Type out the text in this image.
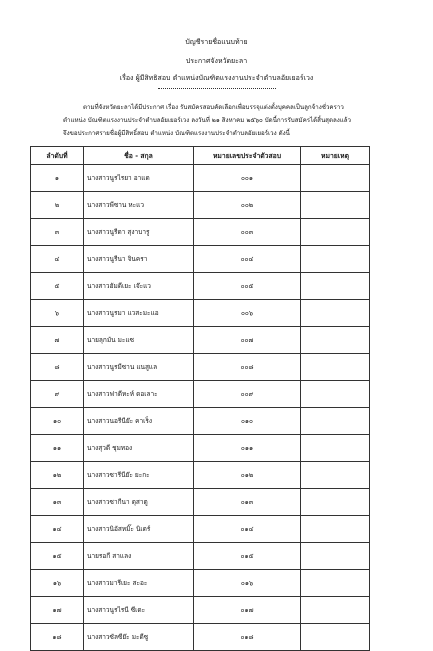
บัญชีรายชื่อแนบท้าย
ประกาศจังหวัดยะลา
เรื่อง ผู้มีสิทธิสอบ ตำแหน่งบัณฑิตแรงงานประจำตำบลอัยเยอร์เวง
ตามที่จังหวัดยะลาได้มีประกาศ เรื่อง รับสมัครสอบคัดเลือกเพื่อบรรจุแต่งตั้งบุคคลเป็นลูกจ้างชั่วคราว
ตำแหน่ง บัณฑิตแรงงานประจำตำบลอัยเยอร์เวง ลงวันที่ ๒๑ สิงหาคม ๒๕๖๐ บัดนี้การรับสมัครได้สิ้นสุดลงแล้ว
จึงขอประกาศรายชื่อผู้มีสิทธิ์สอบ ตำแหน่ง บัณฑิตแรงงานประจำตำบลอัยเยอร์เวง ดังนี้
ลำดับที่	ชื่อ - สกุล	หมายเลขประจำตัวสอบ	หมายเหตุ
๑	นางสาวนูรไรยา อาแด	๐๐๑	
๒	นางสาวพีซาน หะแว	๐๐๒	
๓	นางสาวนูรีดา สุงาบารู	๐๐๓	
๔	นางสาวนูรีนา จินครา	๐๐๔	
๕	นางสาวฮัมดีเยะ เจ๊ะแว	๐๐๕	
๖	นางสาวนูรมา แวสะมะแอ	๐๐๖	
๗	นายลุกมัน มะแซ	๐๐๗	
๘	นางสาวนูรมีซาน แนสูแล	๐๐๘	
๙	นางสาวฟาตีหะห์ ดอเลาะ	๐๐๙	
๑๐	นางสาวนอรีนีย๊ะ คาเร็ง	๐๑๐	
๑๑	นางสุวดี ชุมทอง	๐๑๑	
๑๒	นางสาวซารีนีย๊ะ ยะกะ	๐๑๒	
๑๓	นางสาวซากีนา ดุสาตู	๐๑๓	
๑๔	นางสาวนิอัสหมิ๊ะ นิเดร์	๐๑๔	
๑๕	นายรอกี สาแลง	๐๑๕	
๑๖	นางสาวมารีเยะ สะอะ	๐๑๖	
๑๗	นางสาวนูรไรนี ซีเดะ	๐๑๗	
๑๘	นางสาวซัลซีย๊ะ มะดีซู	๐๑๘	
